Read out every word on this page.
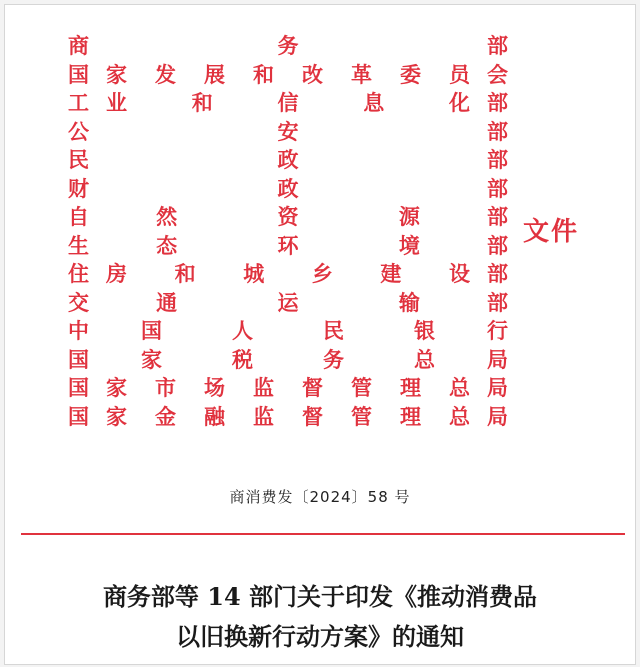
商	务	部
国 家 发 展 和 改 革 委 员 会
工 业	和	信	息	化 部
公	安	部
民	政	部
财	政	部
自	然	资	源	部
生	态	环	境	部
住 房 和 城 乡 建 设 部
交	通	运	输	部
中 国	人	民	银 行
国 家	税	务	总 局
国 家 市 场 监 督 管 理 总 局
国 家 金 融 监 督 管 理 总 局
文件
商消费发〔2024〕58 号
商务部等 14 部门关于印发《推动消费品
以旧换新行动方案》的通知
